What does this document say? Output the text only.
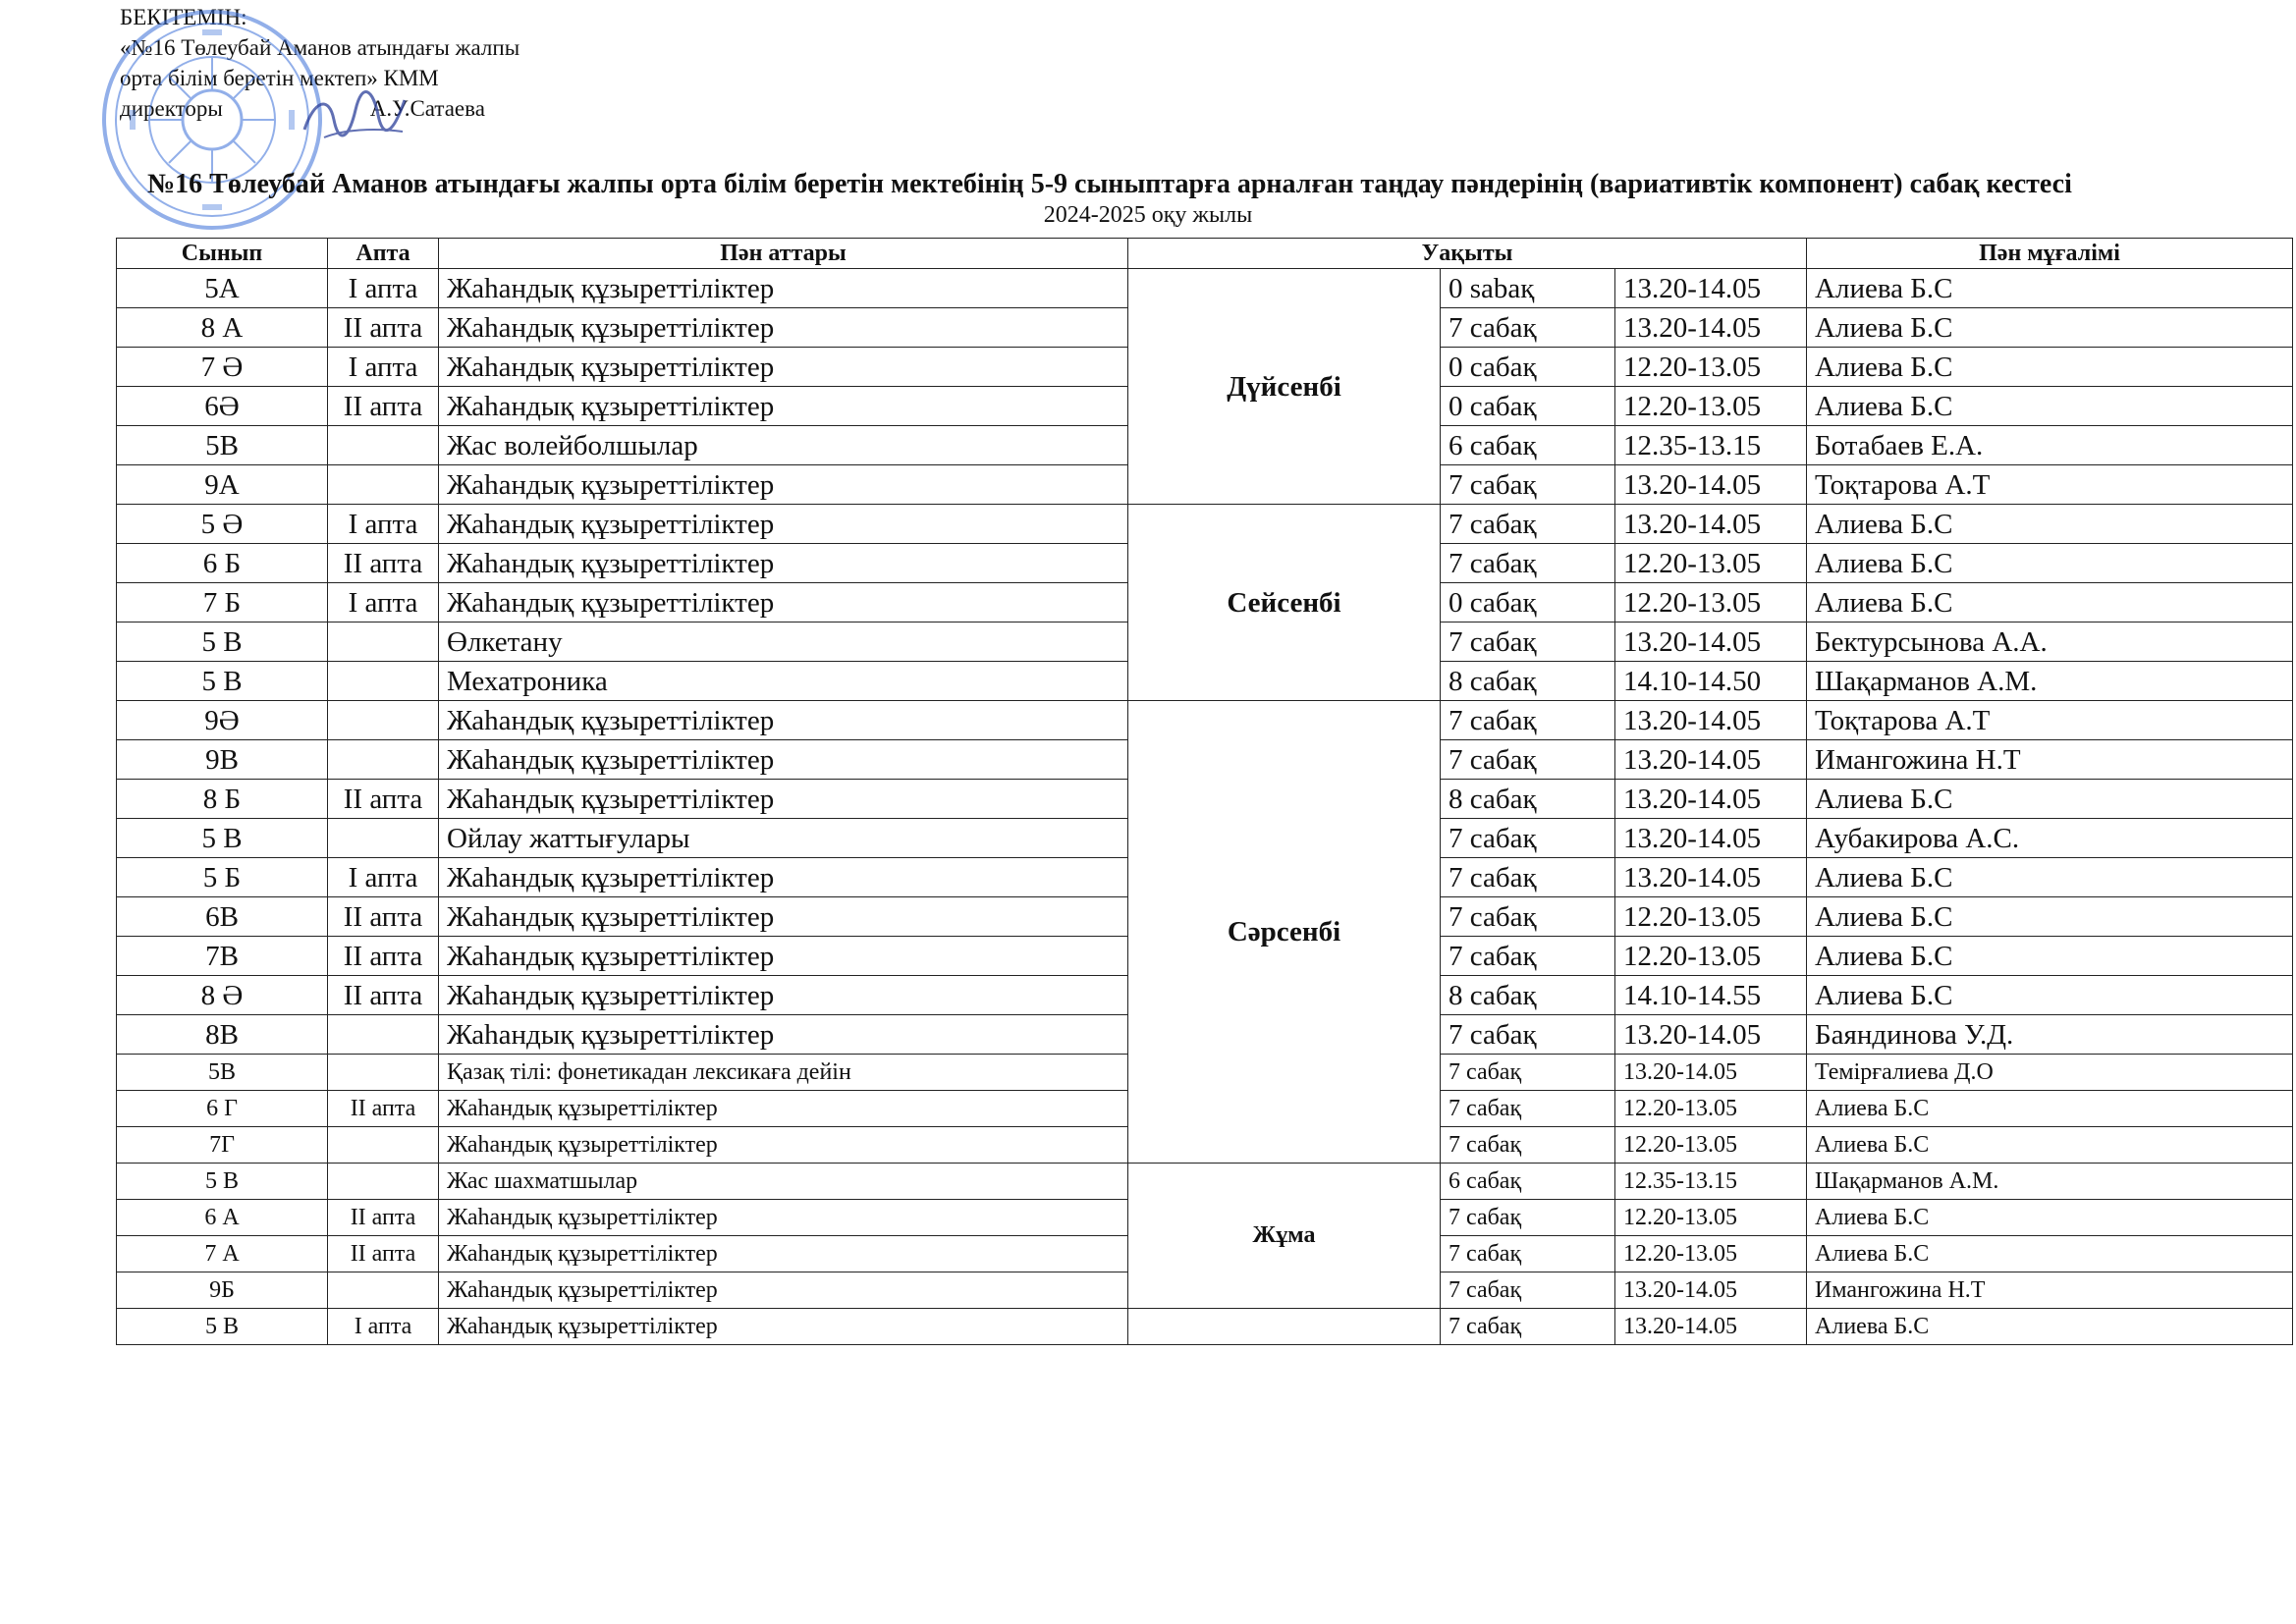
БЕКІТЕМІН:
«№16 Төлеубай Аманов атындағы жалпы
орта білім беретін мектеп» КММ
директоры	А.У.Сатаева
№16 Төлеубай Аманов атындағы жалпы орта білім беретін мектебінің 5-9 сыныптарға арналған таңдау пәндерінің (вариативтік компонент) сабақ кестесі
2024-2025 оқу жылы
Сынып	Апта	Пән аттары	Уақыты			Пән мұғалімі
5А	І апта	Жаһандық құзыреттіліктер	Дүйсенбі	0 sabaқ	13.20-14.05	Алиева Б.С
8 А	ІІ апта	Жаһандық құзыреттіліктер		7 сабақ	13.20-14.05	Алиева Б.С
7 Ә	І апта	Жаһандық құзыреттіліктер		0 сабақ	12.20-13.05	Алиева Б.С
6Ә	ІІ апта	Жаһандық құзыреттіліктер		0 сабақ	12.20-13.05	Алиева Б.С
5В		Жас волейболшылар		6 сабақ	12.35-13.15	Ботабаев Е.А.
9А		Жаһандық құзыреттіліктер		7 сабақ	13.20-14.05	Тоқтарова А.Т
5 Ә	І апта	Жаһандық құзыреттіліктер	Сейсенбі	7 сабақ	13.20-14.05	Алиева Б.С
6 Б	ІІ апта	Жаһандық құзыреттіліктер		7 сабақ	12.20-13.05	Алиева Б.С
7 Б	І апта	Жаһандық құзыреттіліктер		0 сабақ	12.20-13.05	Алиева Б.С
5 В		Өлкетану		7 сабақ	13.20-14.05	Бектурсынова А.А.
5 В		Мехатроника		8 сабақ	14.10-14.50	Шақарманов А.М.
9Ә		Жаһандық құзыреттіліктер	Сәрсенбі	7 сабақ	13.20-14.05	Тоқтарова А.Т
9В		Жаһандық құзыреттіліктер		7 сабақ	13.20-14.05	Имангожина Н.Т
8 Б	ІІ апта	Жаһандық құзыреттіліктер		8 сабақ	13.20-14.05	Алиева Б.С
5 В		Ойлау жаттығулары		7 сабақ	13.20-14.05	Аубакирова А.С.
5 Б	І апта	Жаһандық құзыреттіліктер		7 сабақ	13.20-14.05	Алиева Б.С
6В	ІІ апта	Жаһандық құзыреттіліктер		7 сабақ	12.20-13.05	Алиева Б.С
7В	ІІ апта	Жаһандық құзыреттіліктер		7 сабақ	12.20-13.05	Алиева Б.С
8 Ә	ІІ апта	Жаһандық құзыреттіліктер		8 сабақ	14.10-14.55	Алиева Б.С
8В		Жаһандық құзыреттіліктер		7 сабақ	13.20-14.05	Баяндинова У.Д.
5В		Қазақ тілі: фонетикадан лексикаға дейін		7 сабақ	13.20-14.05	Темірғалиева Д.О
6 Г	ІІ апта	Жаһандық құзыреттіліктер		7 сабақ	12.20-13.05	Алиева Б.С
7Г		Жаһандық құзыреттіліктер		7 сабақ	12.20-13.05	Алиева Б.С
5 В		Жас шахматшылар	Жұма	6 сабақ	12.35-13.15	Шақарманов А.М.
6 А	ІІ апта	Жаһандық құзыреттіліктер		7 сабақ	12.20-13.05	Алиева Б.С
7 А	ІІ апта	Жаһандық құзыреттіліктер		7 сабақ	12.20-13.05	Алиева Б.С
9Б		Жаһандық құзыреттіліктер		7 сабақ	13.20-14.05	Имангожина Н.Т
5 В	І апта	Жаһандық құзыреттіліктер		7 сабақ	13.20-14.05	Алиева Б.С
